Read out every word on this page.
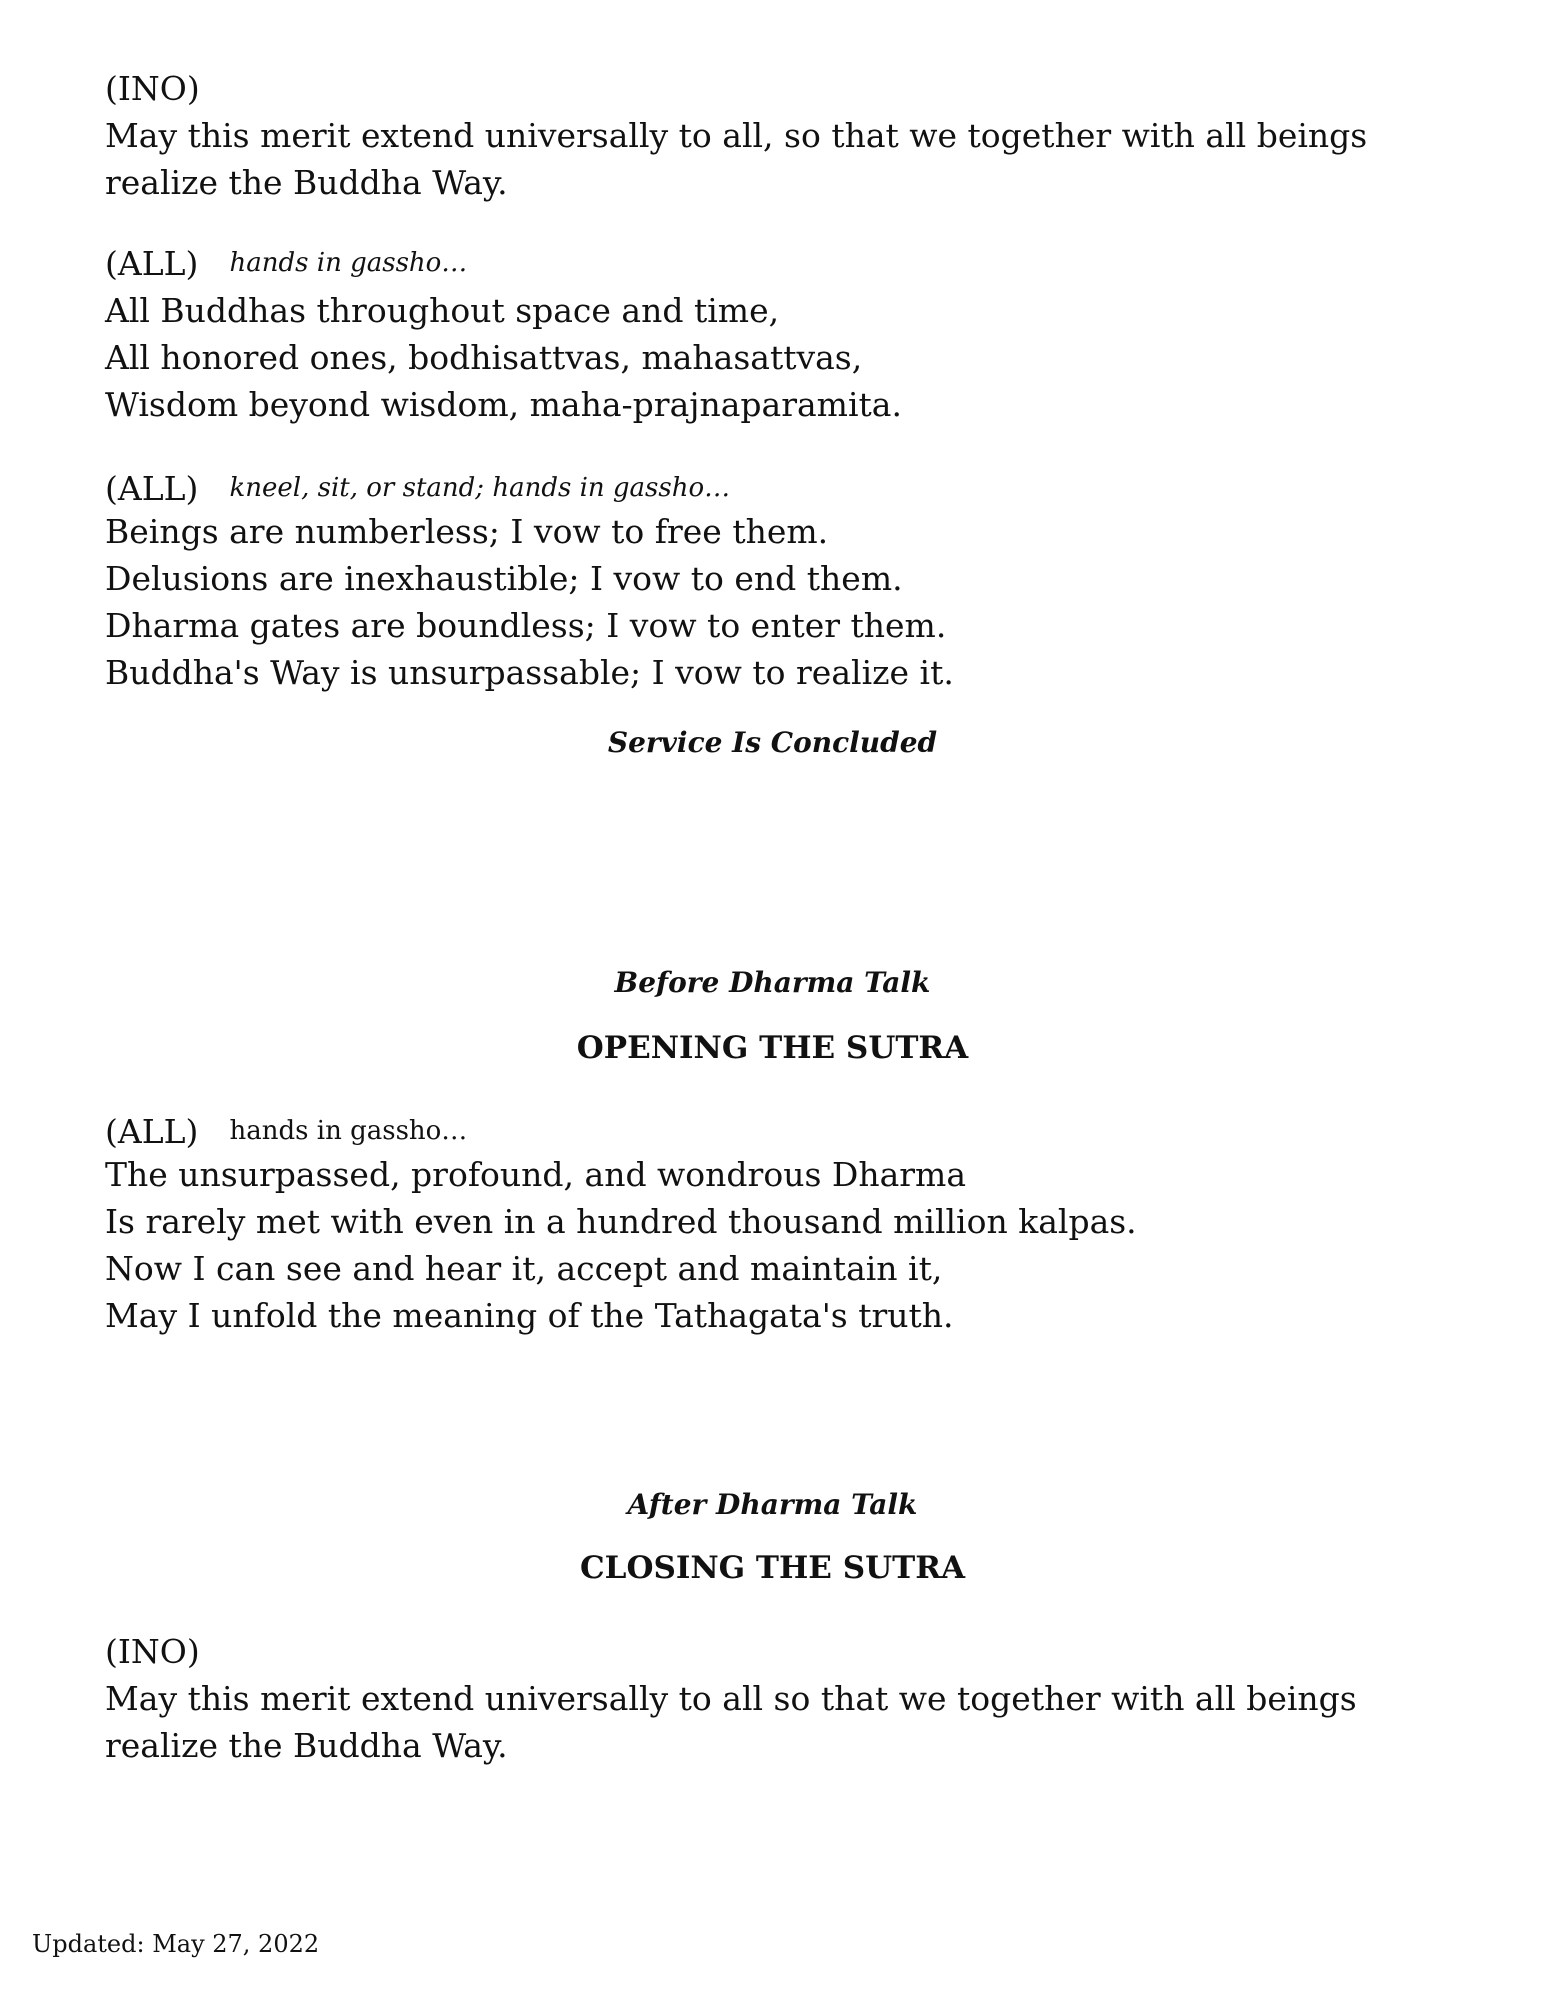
(INO)
May this merit extend universally to all, so that we together with all beings
realize the Buddha Way.
(ALL) hands in gassho…
All Buddhas throughout space and time,
All honored ones, bodhisattvas, mahasattvas,
Wisdom beyond wisdom, maha-prajnaparamita.
(ALL) kneel, sit, or stand; hands in gassho…
Beings are numberless; I vow to free them.
Delusions are inexhaustible; I vow to end them.
Dharma gates are boundless; I vow to enter them.
Buddha's Way is unsurpassable; I vow to realize it.
Service Is Concluded
Before Dharma Talk
OPENING THE SUTRA
(ALL) hands in gassho…
The unsurpassed, profound, and wondrous Dharma
Is rarely met with even in a hundred thousand million kalpas.
Now I can see and hear it, accept and maintain it,
May I unfold the meaning of the Tathagata's truth.
After Dharma Talk
CLOSING THE SUTRA
(INO)
May this merit extend universally to all so that we together with all beings
realize the Buddha Way.
Updated: May 27, 2022
